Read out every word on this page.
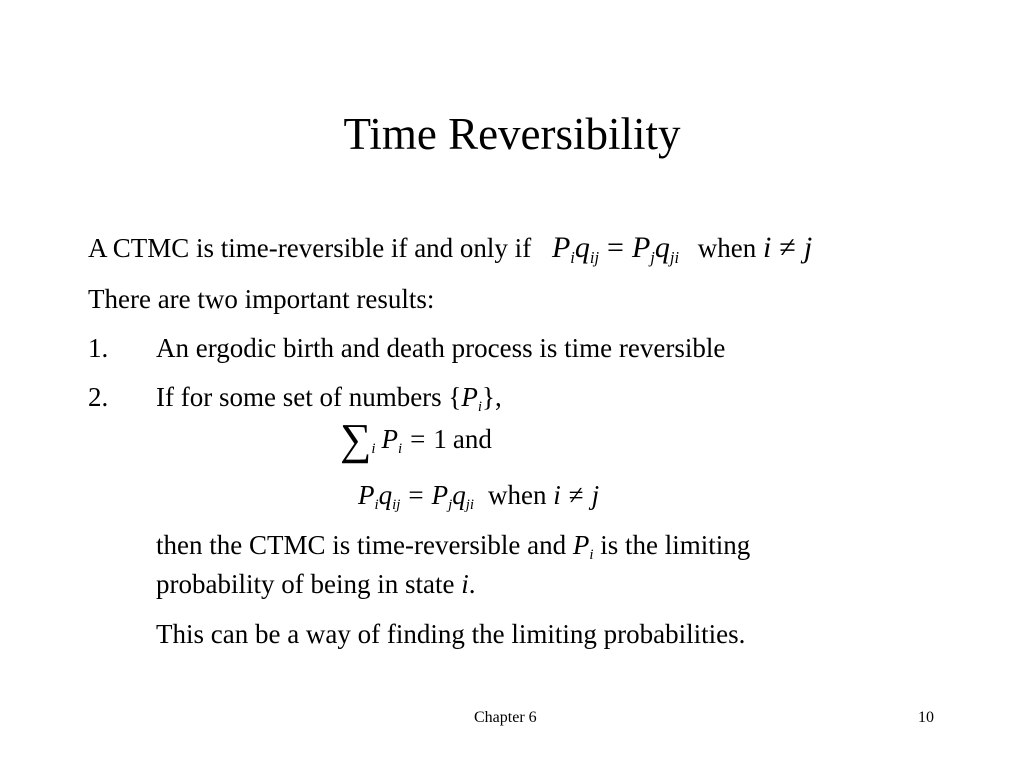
Time Reversibility
A CTMC is time-reversible if and only if $P_iq_{ij} = P_jq_{ji}$ when i ≠ j
There are two important results:
1. An ergodic birth and death process is time reversible
2. If for some set of numbers $\{P_i\}$,
$\sum_i$ $P_i = 1$ and
$P_iq_{ij} = P_jq_{ji}$ when i ≠ j
then the CTMC is time-reversible and $P_i$ is the limiting
probability of being in state i.
This can be a way of finding the limiting probabilities.
Chapter 6	10
